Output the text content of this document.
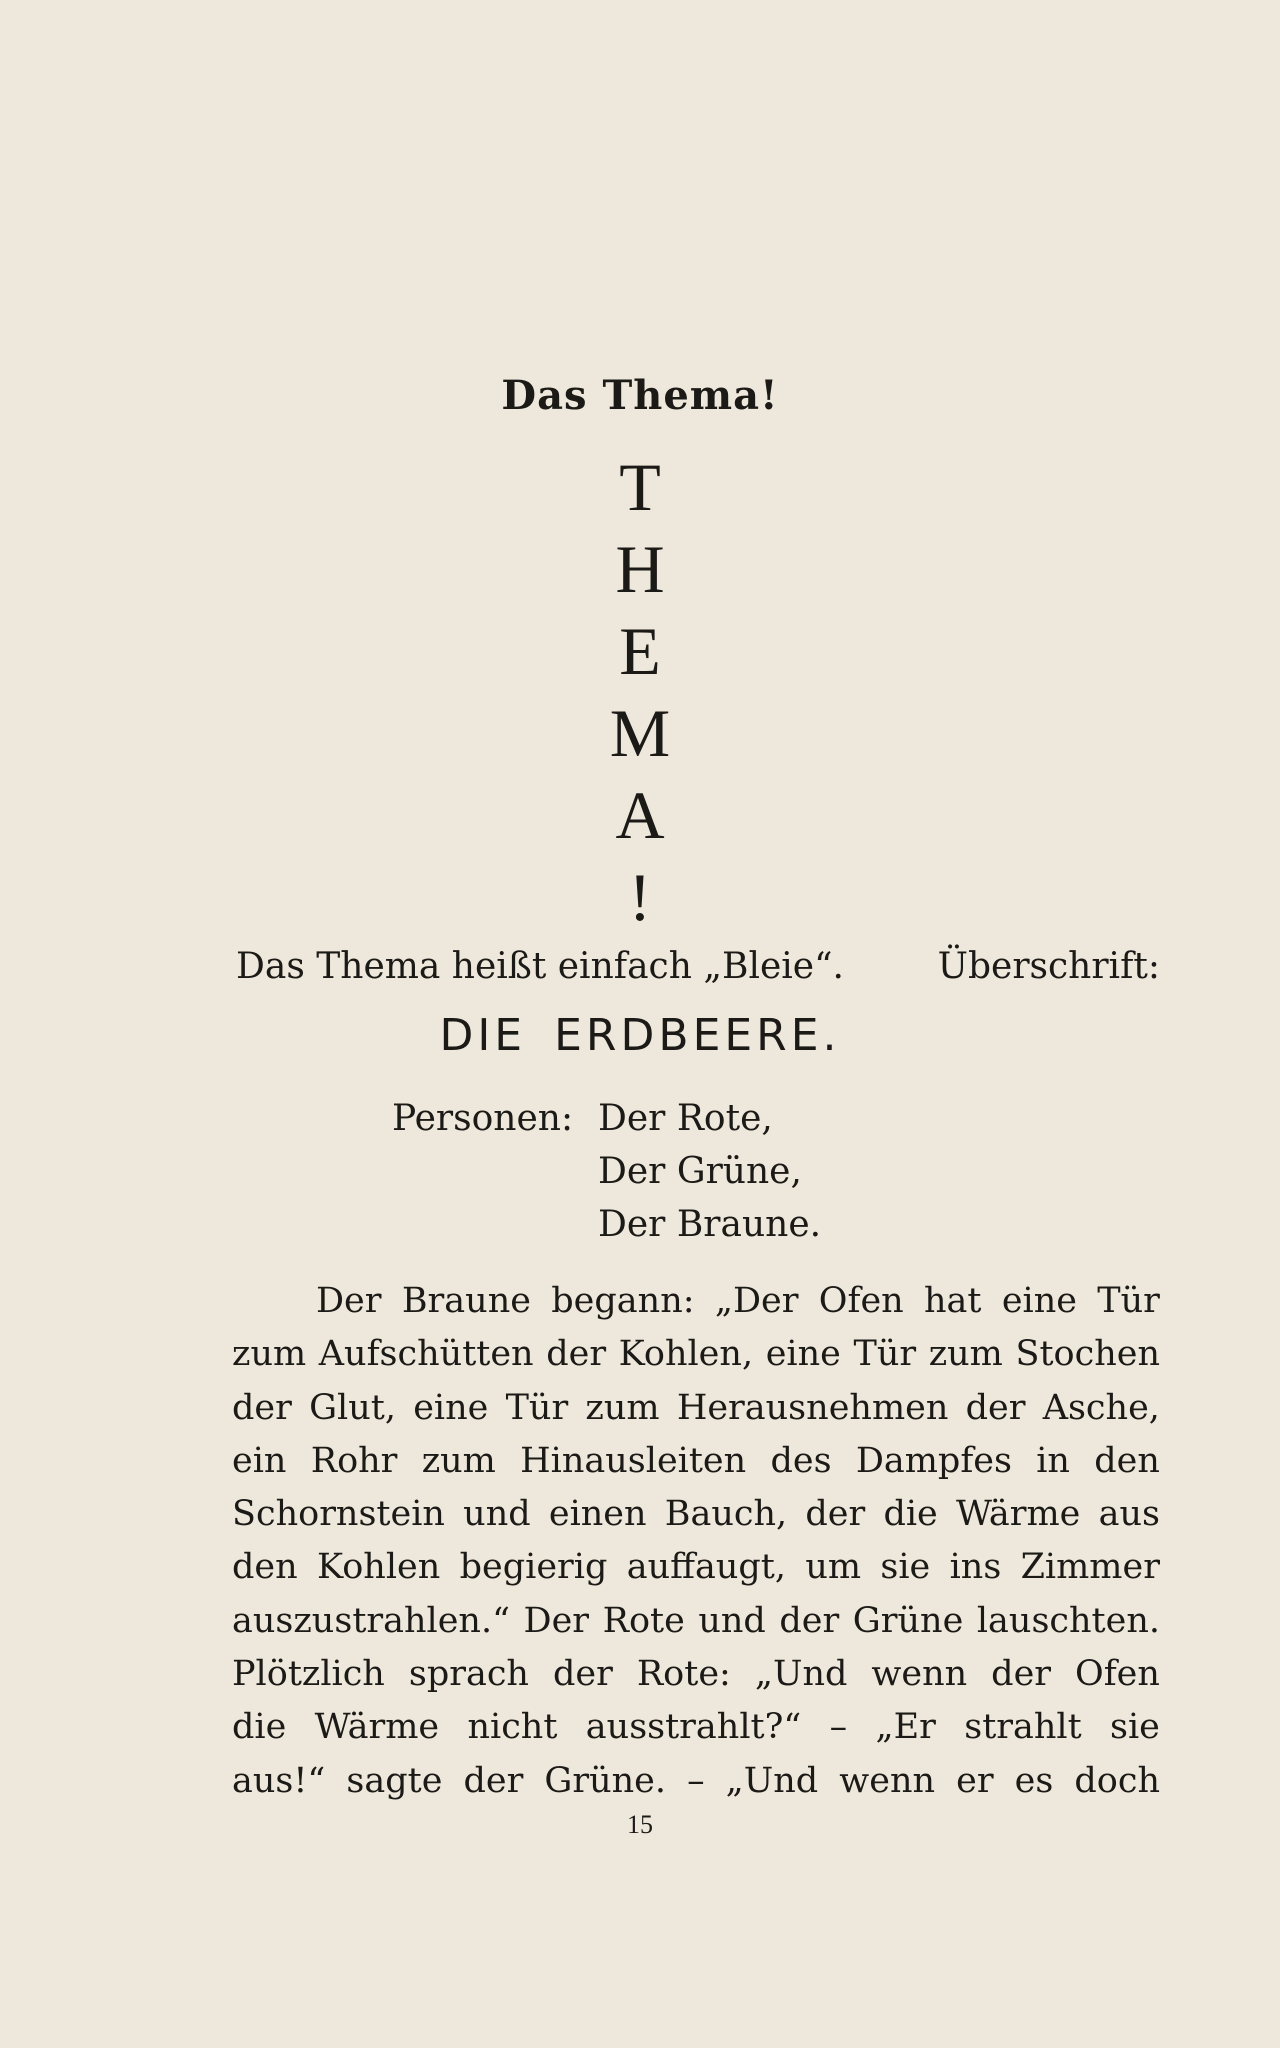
Das Thema!
T
H
E
M
A
!
Das Thema heißt einfach „Bleie“.	Überschrift:
DIE ERDBEERE.
Personen: Der Rote,
Der Grüne,
Der Braune.
Der Braune begann: „Der Ofen hat eine Tür
zum Aufschütten der Kohlen, eine Tür zum Stochen
der Glut, eine Tür zum Herausnehmen der Asche,
ein Rohr zum Hinausleiten des Dampfes in den
Schornstein und einen Bauch, der die Wärme aus
den Kohlen begierig auffaugt, um sie ins Zimmer
auszustrahlen.“ Der Rote und der Grüne lauschten.
Plötzlich sprach der Rote: „Und wenn der Ofen
die Wärme nicht ausstrahlt?“ – „Er strahlt sie
aus!“ sagte der Grüne. – „Und wenn er es doch
15
